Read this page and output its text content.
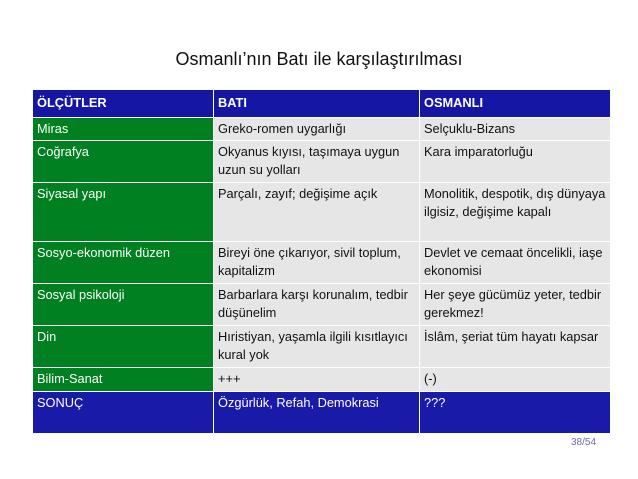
Osmanlı’nın Batı ile karşılaştırılması
ÖLÇÜTLER	BATI	OSMANLI
Miras	Greko-romen uygarlığı	Selçuklu-Bizans
Coğrafya	Okyanus kıyısı, taşımaya uygun uzun su yolları	Kara imparatorluğu
Siyasal yapı	Parçalı, zayıf; değişime açık	Monolitik, despotik, dış dünyaya ilgisiz, değişime kapalı
Sosyo-ekonomik düzen	Bireyi öne çıkarıyor, sivil toplum, kapitalizm	Devlet ve cemaat öncelikli, iaşe ekonomisi
Sosyal psikoloji	Barbarlara karşı korunalım, tedbir düşünelim	Her şeye gücümüz yeter, tedbir gerekmez!
Din	Hıristiyan, yaşamla ilgili kısıtlayıcı kural yok	İslâm, şeriat tüm hayatı kapsar
Bilim-Sanat	+++	(-)
SONUÇ	Özgürlük, Refah, Demokrasi	???
38/54
